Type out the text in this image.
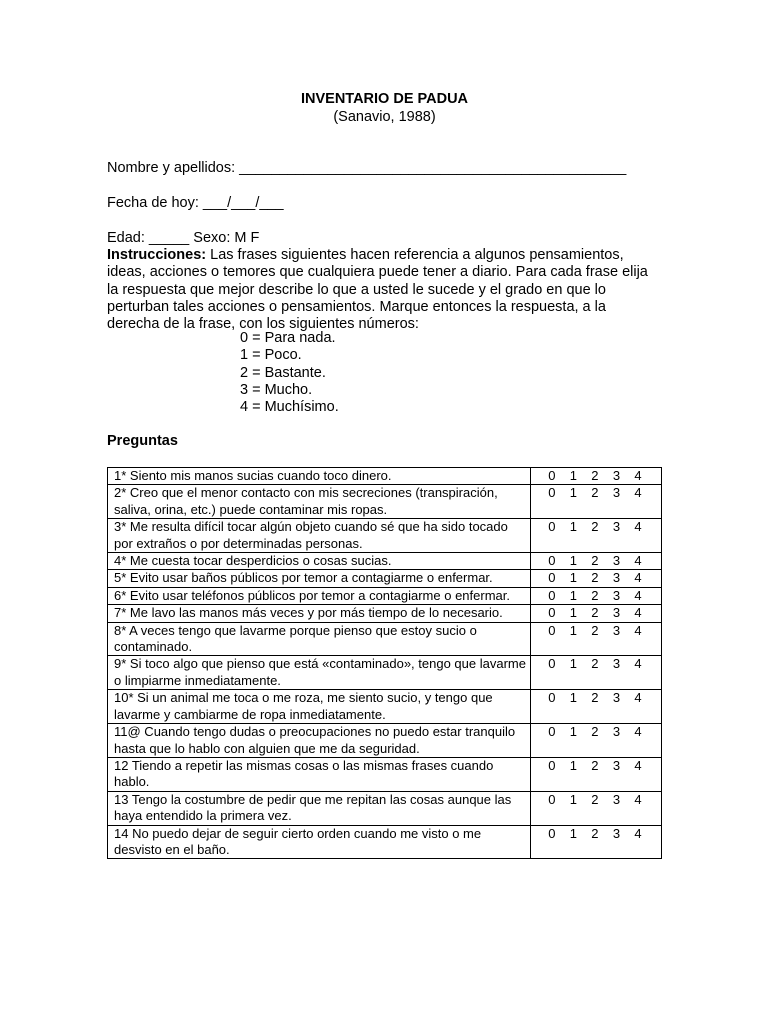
INVENTARIO DE PADUA
(Sanavio, 1988)
Nombre y apellidos: ________________________________________________
Fecha de hoy: ___/___/___
Edad: _____ Sexo: M F
Instrucciones: Las frases siguientes hacen referencia a algunos pensamientos, ideas, acciones o temores que cualquiera puede tener a diario. Para cada frase elija la respuesta que mejor describe lo que a usted le sucede y el grado en que lo perturban tales acciones o pensamientos. Marque entonces la respuesta, a la derecha de la frase, con los siguientes números:
0 = Para nada.
1 = Poco.
2 = Bastante.
3 = Mucho.
4 = Muchísimo.
Preguntas
1* Siento mis manos sucias cuando toco dinero.	0 1 2 3 4

2* Creo que el menor contacto con mis secreciones (transpiración, saliva, orina, etc.) puede contaminar mis ropas.	0 1 2 3 4

3* Me resulta difícil tocar algún objeto cuando sé que ha sido tocado por extraños o por determinadas personas.	0 1 2 3 4

4* Me cuesta tocar desperdicios o cosas sucias.	0 1 2 3 4

5* Evito usar baños públicos por temor a contagiarme o enfermar.	0 1 2 3 4

6* Evito usar teléfonos públicos por temor a contagiarme o enfermar.	0 1 2 3 4

7* Me lavo las manos más veces y por más tiempo de lo necesario.	0 1 2 3 4

8* A veces tengo que lavarme porque pienso que estoy sucio o contaminado.	0 1 2 3 4

9* Si toco algo que pienso que está «contaminado», tengo que lavarme o limpiarme inmediatamente.	0 1 2 3 4

10* Si un animal me toca o me roza, me siento sucio, y tengo que lavarme y cambiarme de ropa inmediatamente.	0 1 2 3 4

11@ Cuando tengo dudas o preocupaciones no puedo estar tranquilo hasta que lo hablo con alguien que me da seguridad.	0 1 2 3 4

12 Tiendo a repetir las mismas cosas o las mismas frases cuando hablo.	0 1 2 3 4

13 Tengo la costumbre de pedir que me repitan las cosas aunque las haya entendido la primera vez.	0 1 2 3 4

14 No puedo dejar de seguir cierto orden cuando me visto o me desvisto en el baño.	0 1 2 3 4
